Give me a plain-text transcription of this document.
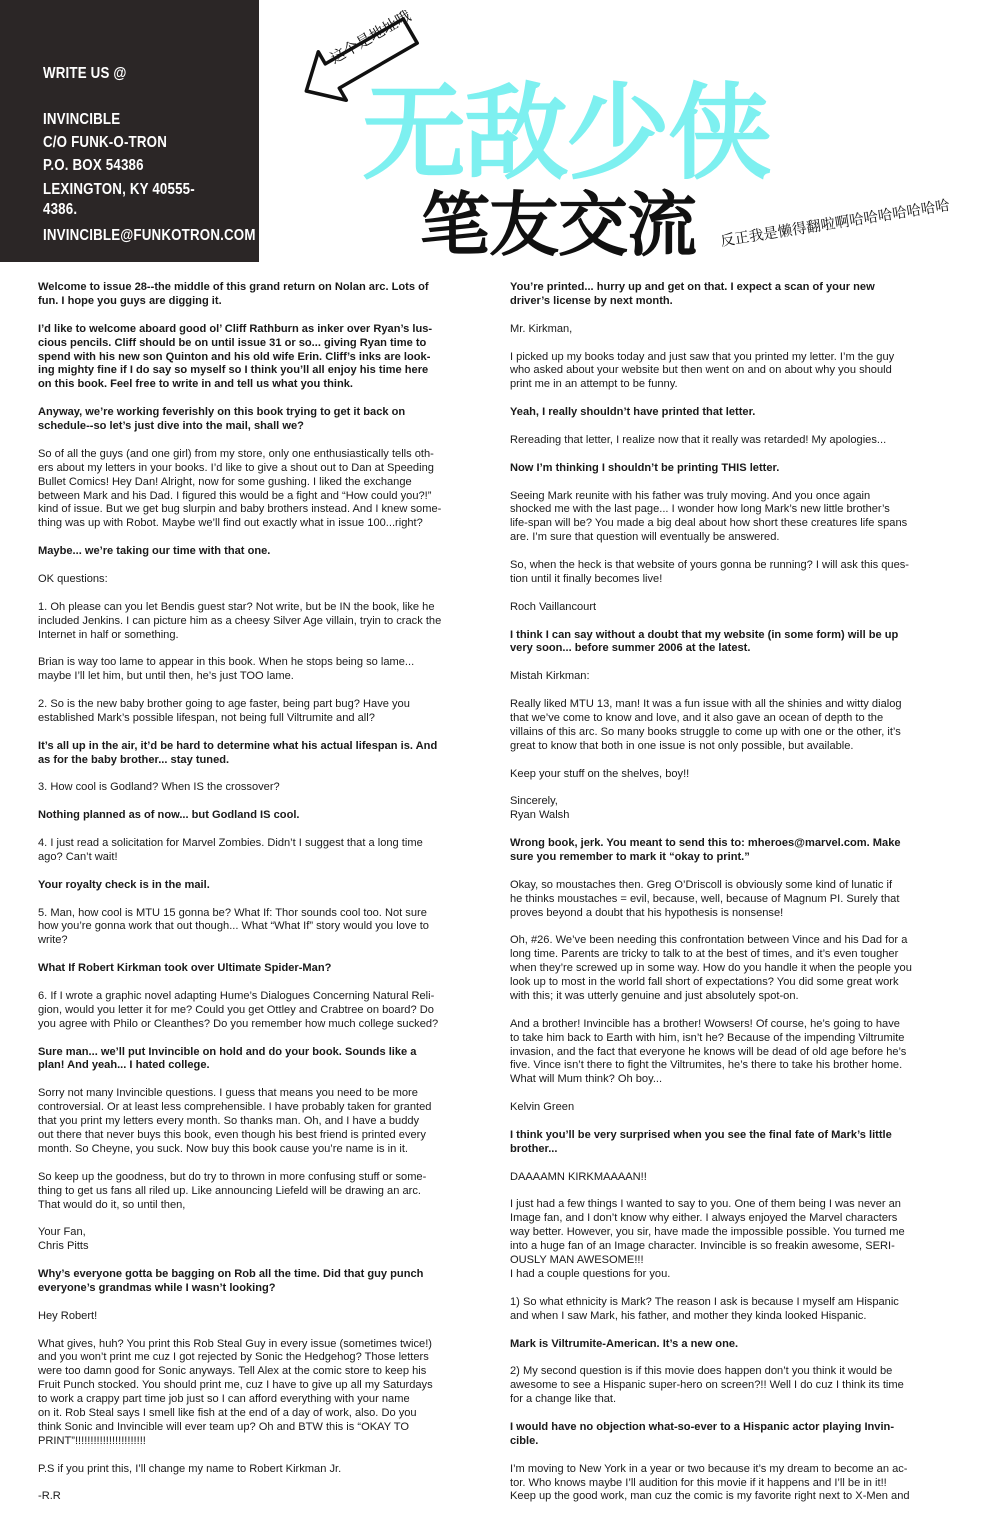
WRITE US @
INVINCIBLE
C/O FUNK-O-TRON
P.O. BOX 54386
LEXINGTON, KY 40555-4386.
INVINCIBLE@FUNKOTRON.COM
这个是地址哦
无敌少侠
笔友交流 反正我是懒得翻啦啊哈哈哈哈哈哈哈

Welcome to issue 28--the middle of this grand return on Nolan arc. Lots of
fun. I hope you guys are digging it.

I’d like to welcome aboard good ol’ Cliff Rathburn as inker over Ryan’s lus-
cious pencils. Cliff should be on until issue 31 or so... giving Ryan time to
spend with his new son Quinton and his old wife Erin. Cliff’s inks are look-
ing mighty fine if I do say so myself so I think you’ll all enjoy his time here
on this book. Feel free to write in and tell us what you think.

Anyway, we’re working feverishly on this book trying to get it back on
schedule--so let’s just dive into the mail, shall we?

So of all the guys (and one girl) from my store, only one enthusiastically tells oth-
ers about my letters in your books. I’d like to give a shout out to Dan at Speeding
Bullet Comics! Hey Dan! Alright, now for some gushing. I liked the exchange
between Mark and his Dad. I figured this would be a fight and “How could you?!”
kind of issue. But we get bug slurpin and baby brothers instead. And I knew some-
thing was up with Robot. Maybe we’ll find out exactly what in issue 100...right?

Maybe... we’re taking our time with that one.

OK questions:

1. Oh please can you let Bendis guest star? Not write, but be IN the book, like he
included Jenkins. I can picture him as a cheesy Silver Age villain, tryin to crack the
Internet in half or something.

Brian is way too lame to appear in this book. When he stops being so lame...
maybe I’ll let him, but until then, he’s just TOO lame.

2. So is the new baby brother going to age faster, being part bug? Have you
established Mark’s possible lifespan, not being full Viltrumite and all?

It’s all up in the air, it’d be hard to determine what his actual lifespan is. And
as for the baby brother... stay tuned.

3. How cool is Godland? When IS the crossover?

Nothing planned as of now... but Godland IS cool.

4. I just read a solicitation for Marvel Zombies. Didn’t I suggest that a long time
ago? Can’t wait!

Your royalty check is in the mail.

5. Man, how cool is MTU 15 gonna be? What If: Thor sounds cool too. Not sure
how you’re gonna work that out though... What “What If” story would you love to
write?

What If Robert Kirkman took over Ultimate Spider-Man?

6. If I wrote a graphic novel adapting Hume’s Dialogues Concerning Natural Reli-
gion, would you letter it for me? Could you get Ottley and Crabtree on board? Do
you agree with Philo or Cleanthes? Do you remember how much college sucked?

Sure man... we’ll put Invincible on hold and do your book. Sounds like a
plan! And yeah... I hated college.

Sorry not many Invincible questions. I guess that means you need to be more
controversial. Or at least less comprehensible. I have probably taken for granted
that you print my letters every month. So thanks man. Oh, and I have a buddy
out there that never buys this book, even though his best friend is printed every
month. So Cheyne, you suck. Now buy this book cause you’re name is in it.

So keep up the goodness, but do try to thrown in more confusing stuff or some-
thing to get us fans all riled up. Like announcing Liefeld will be drawing an arc.
That would do it, so until then,

Your Fan,
Chris Pitts

Why’s everyone gotta be bagging on Rob all the time. Did that guy punch
everyone’s grandmas while I wasn’t looking?

Hey Robert!

What gives, huh? You print this Rob Steal Guy in every issue (sometimes twice!)
and you won’t print me cuz I got rejected by Sonic the Hedgehog? Those letters
were too damn good for Sonic anyways. Tell Alex at the comic store to keep his
Fruit Punch stocked. You should print me, cuz I have to give up all my Saturdays
to work a crappy part time job just so I can afford everything with your name
on it. Rob Steal says I smell like fish at the end of a day of work, also. Do you
think Sonic and Invincible will ever team up? Oh and BTW this is “OKAY TO
PRINT”!!!!!!!!!!!!!!!!!!!!!!!

P.S if you print this, I’ll change my name to Robert Kirkman Jr.

-R.R

You’re printed... hurry up and get on that. I expect a scan of your new
driver’s license by next month.

Mr. Kirkman,

I picked up my books today and just saw that you printed my letter. I’m the guy
who asked about your website but then went on and on about why you should
print me in an attempt to be funny.

Yeah, I really shouldn’t have printed that letter.

Rereading that letter, I realize now that it really was retarded! My apologies...

Now I’m thinking I shouldn’t be printing THIS letter.

Seeing Mark reunite with his father was truly moving. And you once again
shocked me with the last page... I wonder how long Mark’s new little brother’s
life-span will be? You made a big deal about how short these creatures life spans
are. I’m sure that question will eventually be answered.

So, when the heck is that website of yours gonna be running? I will ask this ques-
tion until it finally becomes live!

Roch Vaillancourt

I think I can say without a doubt that my website (in some form) will be up
very soon... before summer 2006 at the latest.

Mistah Kirkman:

Really liked MTU 13, man! It was a fun issue with all the shinies and witty dialog
that we’ve come to know and love, and it also gave an ocean of depth to the
villains of this arc. So many books struggle to come up with one or the other, it’s
great to know that both in one issue is not only possible, but available.

Keep your stuff on the shelves, boy!!

Sincerely,
Ryan Walsh

Wrong book, jerk. You meant to send this to: mheroes@marvel.com. Make
sure you remember to mark it “okay to print.”

Okay, so moustaches then. Greg O’Driscoll is obviously some kind of lunatic if
he thinks moustaches = evil, because, well, because of Magnum PI. Surely that
proves beyond a doubt that his hypothesis is nonsense!

Oh, #26. We’ve been needing this confrontation between Vince and his Dad for a
long time. Parents are tricky to talk to at the best of times, and it’s even tougher
when they’re screwed up in some way. How do you handle it when the people you
look up to most in the world fall short of expectations? You did some great work
with this; it was utterly genuine and just absolutely spot-on.

And a brother! Invincible has a brother! Wowsers! Of course, he’s going to have
to take him back to Earth with him, isn’t he? Because of the impending Viltrumite
invasion, and the fact that everyone he knows will be dead of old age before he’s
five. Vince isn’t there to fight the Viltrumites, he’s there to take his brother home.
What will Mum think? Oh boy...

Kelvin Green

I think you’ll be very surprised when you see the final fate of Mark’s little
brother...

DAAAAMN KIRKMAAAAN!!

I just had a few things I wanted to say to you. One of them being I was never an
Image fan, and I don’t know why either. I always enjoyed the Marvel characters
way better. However, you sir, have made the impossible possible. You turned me
into a huge fan of an Image character. Invincible is so freakin awesome, SERI-
OUSLY MAN AWESOME!!!
I had a couple questions for you.

1) So what ethnicity is Mark? The reason I ask is because I myself am Hispanic
and when I saw Mark, his father, and mother they kinda looked Hispanic.

Mark is Viltrumite-American. It’s a new one.

2) My second question is if this movie does happen don’t you think it would be
awesome to see a Hispanic super-hero on screen?!! Well I do cuz I think its time
for a change like that.

I would have no objection what-so-ever to a Hispanic actor playing Invin-
cible.

I’m moving to New York in a year or two because it’s my dream to become an ac-
tor. Who knows maybe I’ll audition for this movie if it happens and I’ll be in it!!
Keep up the good work, man cuz the comic is my favorite right next to X-Men and
